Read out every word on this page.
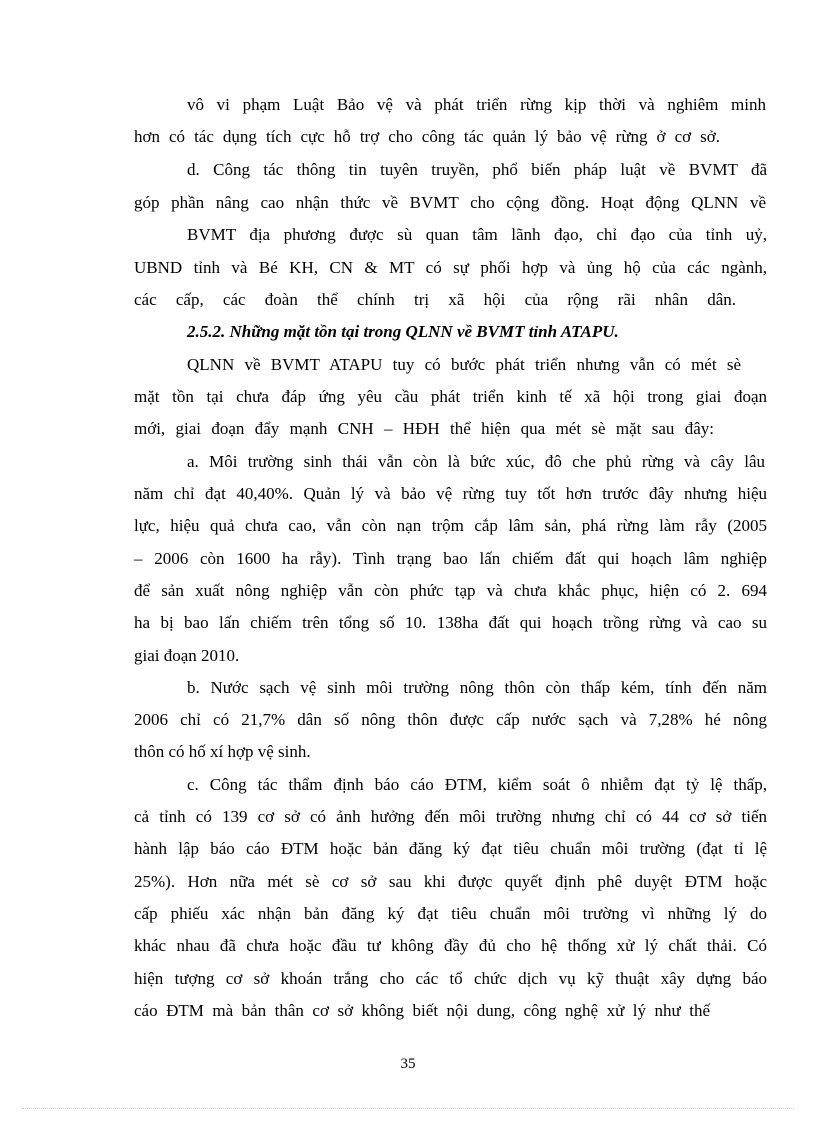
vô vi phạm Luật Bảo vệ và phát triển rừng kịp thời và nghiêm minh
hơn có tác dụng tích cực hỗ trợ cho công tác quản lý bảo vệ rừng ở cơ sở.
d. Công tác thông tin tuyên truyền, phổ biến pháp luật về BVMT đã
góp phần nâng cao nhận thức về BVMT cho cộng đồng. Hoạt động QLNN về
BVMT địa phương được sù quan tâm lãnh đạo, chỉ đạo của tỉnh uỷ,
UBND tỉnh và Bé KH, CN & MT có sự phối hợp và ủng hộ của các ngành,
các cấp, các đoàn thể chính trị xã hội của rộng rãi nhân dân.
2.5.2. Những mặt tồn tại trong QLNN về BVMT tỉnh ATAPU.
QLNN về BVMT ATAPU tuy có bước phát triển nhưng vẫn có mét sè
mặt tồn tại chưa đáp ứng yêu cầu phát triển kinh tế xã hội trong giai đoạn
mới, giai đoạn đẩy mạnh CNH – HĐH thể hiện qua mét sè mặt sau đây:
a. Môi trường sinh thái vẫn còn là bức xúc, đô che phủ rừng và cây lâu
năm chỉ đạt 40,40%. Quản lý và bảo vệ rừng tuy tốt hơn trước đây nhưng hiệu
lực, hiệu quả chưa cao, vẫn còn nạn trộm cắp lâm sản, phá rừng làm rẫy (2005
– 2006 còn 1600 ha rẫy). Tình trạng bao lấn chiếm đất qui hoạch lâm nghiệp
để sản xuất nông nghiệp vẫn còn phức tạp và chưa khắc phục, hiện có 2. 694
ha bị bao lấn chiếm trên tổng số 10. 138ha đất qui hoạch trồng rừng và cao su
giai đoạn 2010.
b. Nước sạch vệ sinh môi trường nông thôn còn thấp kém, tính đến năm
2006 chỉ có 21,7% dân số nông thôn được cấp nước sạch và 7,28% hé nông
thôn có hố xí hợp vệ sinh.
c. Công tác thẩm định báo cáo ĐTM, kiểm soát ô nhiễm đạt tỷ lệ thấp,
cả tỉnh có 139 cơ sở có ảnh hưởng đến môi trường nhưng chỉ có 44 cơ sở tiến
hành lập báo cáo ĐTM hoặc bản đăng ký đạt tiêu chuẩn môi trường (đạt tỉ lệ
25%). Hơn nữa mét sè cơ sở sau khi được quyết định phê duyệt ĐTM hoặc
cấp phiếu xác nhận bản đăng ký đạt tiêu chuẩn môi trường vì những lý do
khác nhau đã chưa hoặc đầu tư không đầy đủ cho hệ thống xử lý chất thải. Có
hiện tượng cơ sở khoán trắng cho các tổ chức dịch vụ kỹ thuật xây dựng báo
cáo ĐTM mà bản thân cơ sở không biết nội dung, công nghệ xử lý như thế
35
